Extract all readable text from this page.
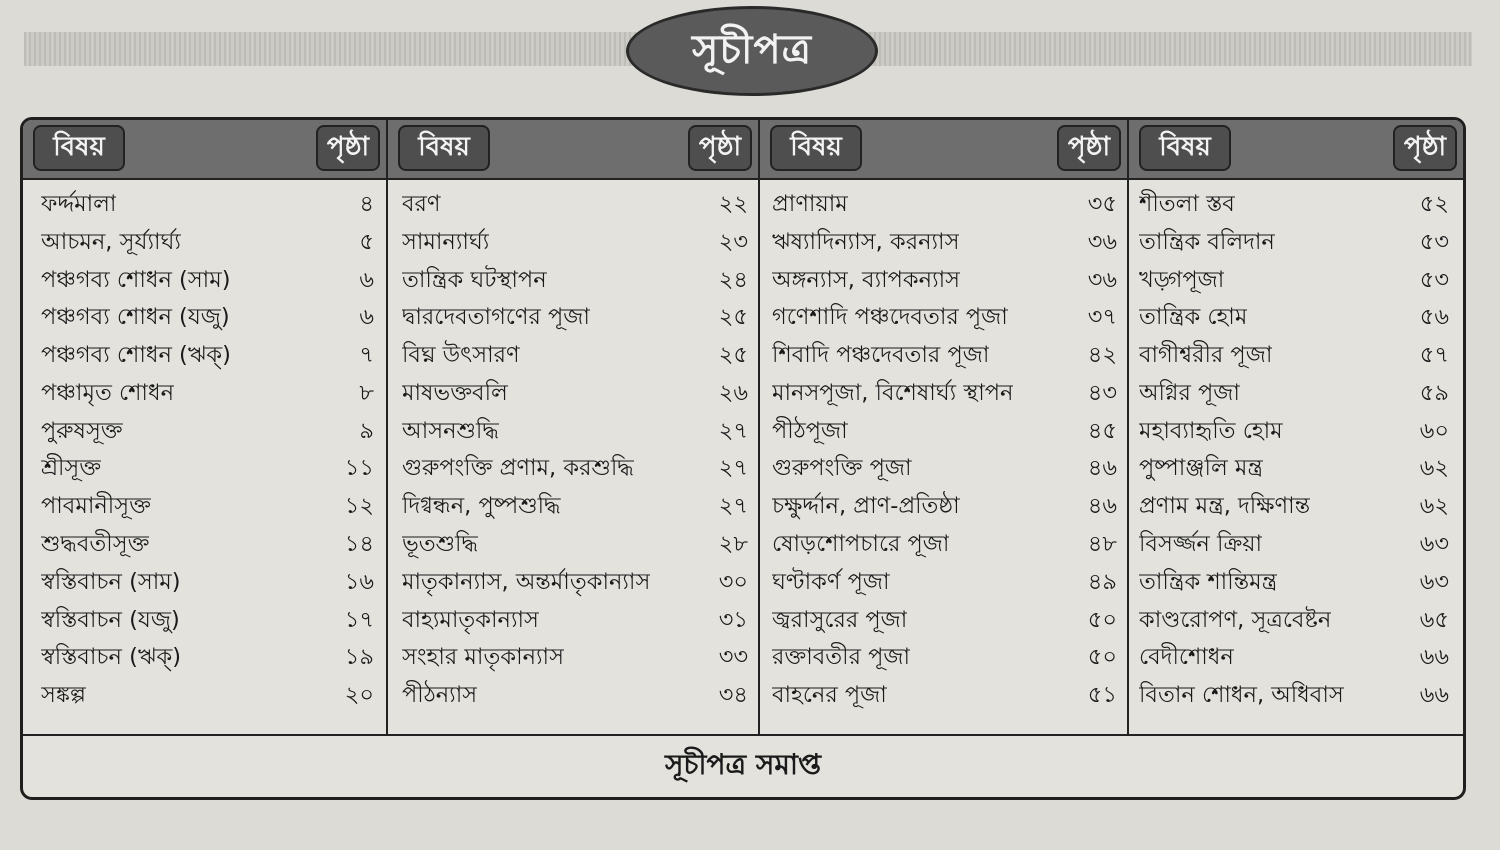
সূচীপত্র
বিষয়	পৃষ্ঠা
ফর্দ্দমালা	৪
আচমন, সূর্য্যার্ঘ্য	৫
পঞ্চগব্য শোধন (সাম)	৬
পঞ্চগব্য শোধন (যজু)	৬
পঞ্চগব্য শোধন (ঋক্)	৭
পঞ্চামৃত শোধন	৮
পুরুষসূক্ত	৯
শ্রীসূক্ত	১১
পাবমানীসূক্ত	১২
শুদ্ধবতীসূক্ত	১৪
স্বস্তিবাচন (সাম)	১৬
স্বস্তিবাচন (যজু)	১৭
স্বস্তিবাচন (ঋক্)	১৯
সঙ্কল্প	২০
বিষয়	পৃষ্ঠা
বরণ	২২
সামান্যার্ঘ্য	২৩
তান্ত্রিক ঘটস্থাপন	২৪
দ্বারদেবতাগণের পূজা	২৫
বিঘ্ন উৎসারণ	২৫
মাষভক্তবলি	২৬
আসনশুদ্ধি	২৭
গুরুপংক্তি প্রণাম, করশুদ্ধি	২৭
দিগ্বন্ধন, পুষ্পশুদ্ধি	২৭
ভূতশুদ্ধি	২৮
মাতৃকান্যাস, অন্তর্মাতৃকান্যাস	৩০
বাহ্যমাতৃকান্যাস	৩১
সংহার মাতৃকান্যাস	৩৩
পীঠন্যাস	৩৪
বিষয়	পৃষ্ঠা
প্রাণায়াম	৩৫
ঋষ্যাদিন্যাস, করন্যাস	৩৬
অঙ্গন্যাস, ব্যাপকন্যাস	৩৬
গণেশাদি পঞ্চদেবতার পূজা	৩৭
শিবাদি পঞ্চদেবতার পূজা	৪২
মানসপূজা, বিশেষার্ঘ্য স্থাপন	৪৩
পীঠপূজা	৪৫
গুরুপংক্তি পূজা	৪৬
চক্ষুর্দ্দান, প্রাণ-প্রতিষ্ঠা	৪৬
ষোড়শোপচারে পূজা	৪৮
ঘণ্টাকর্ণ পূজা	৪৯
জ্বরাসুরের পূজা	৫০
রক্তাবতীর পূজা	৫০
বাহনের পূজা	৫১
বিষয়	পৃষ্ঠা
শীতলা স্তব	৫২
তান্ত্রিক বলিদান	৫৩
খড়্গপূজা	৫৩
তান্ত্রিক হোম	৫৬
বাগীশ্বরীর পূজা	৫৭
অগ্নির পূজা	৫৯
মহাব্যাহৃতি হোম	৬০
পুষ্পাঞ্জলি মন্ত্র	৬২
প্রণাম মন্ত্র, দক্ষিণান্ত	৬২
বিসর্জ্জন ক্রিয়া	৬৩
তান্ত্রিক শান্তিমন্ত্র	৬৩
কাণ্ডরোপণ, সূত্রবেষ্টন	৬৫
বেদীশোধন	৬৬
বিতান শোধন, অধিবাস	৬৬
সূচীপত্র সমাপ্ত
